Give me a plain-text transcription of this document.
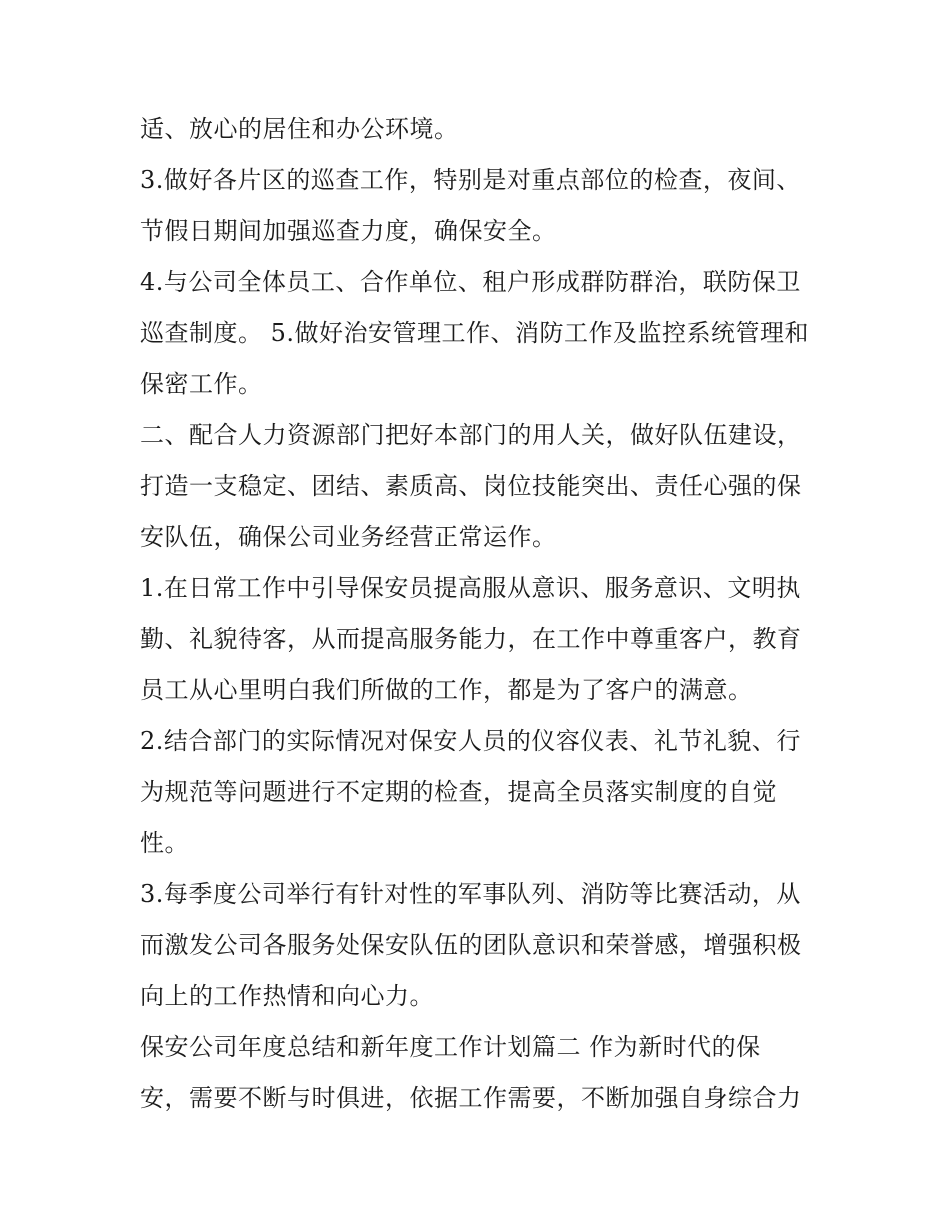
适、放心的居住和办公环境。
3.做好各片区的巡查工作，特别是对重点部位的检查，夜间、
节假日期间加强巡查力度，确保安全。
4.与公司全体员工、合作单位、租户形成群防群治，联防保卫
巡查制度。 5.做好治安管理工作、消防工作及监控系统管理和
保密工作。
二、配合人力资源部门把好本部门的用人关，做好队伍建设，
打造一支稳定、团结、素质高、岗位技能突出、责任心强的保
安队伍，确保公司业务经营正常运作。
1.在日常工作中引导保安员提高服从意识、服务意识、文明执
勤、礼貌待客，从而提高服务能力，在工作中尊重客户，教育
员工从心里明白我们所做的工作，都是为了客户的满意。
2.结合部门的实际情况对保安人员的仪容仪表、礼节礼貌、行
为规范等问题进行不定期的检查，提高全员落实制度的自觉
性。
3.每季度公司举行有针对性的军事队列、消防等比赛活动，从
而激发公司各服务处保安队伍的团队意识和荣誉感，增强积极
向上的工作热情和向心力。
保安公司年度总结和新年度工作计划篇二 作为新时代的保
安，需要不断与时俱进，依据工作需要，不断加强自身综合力
